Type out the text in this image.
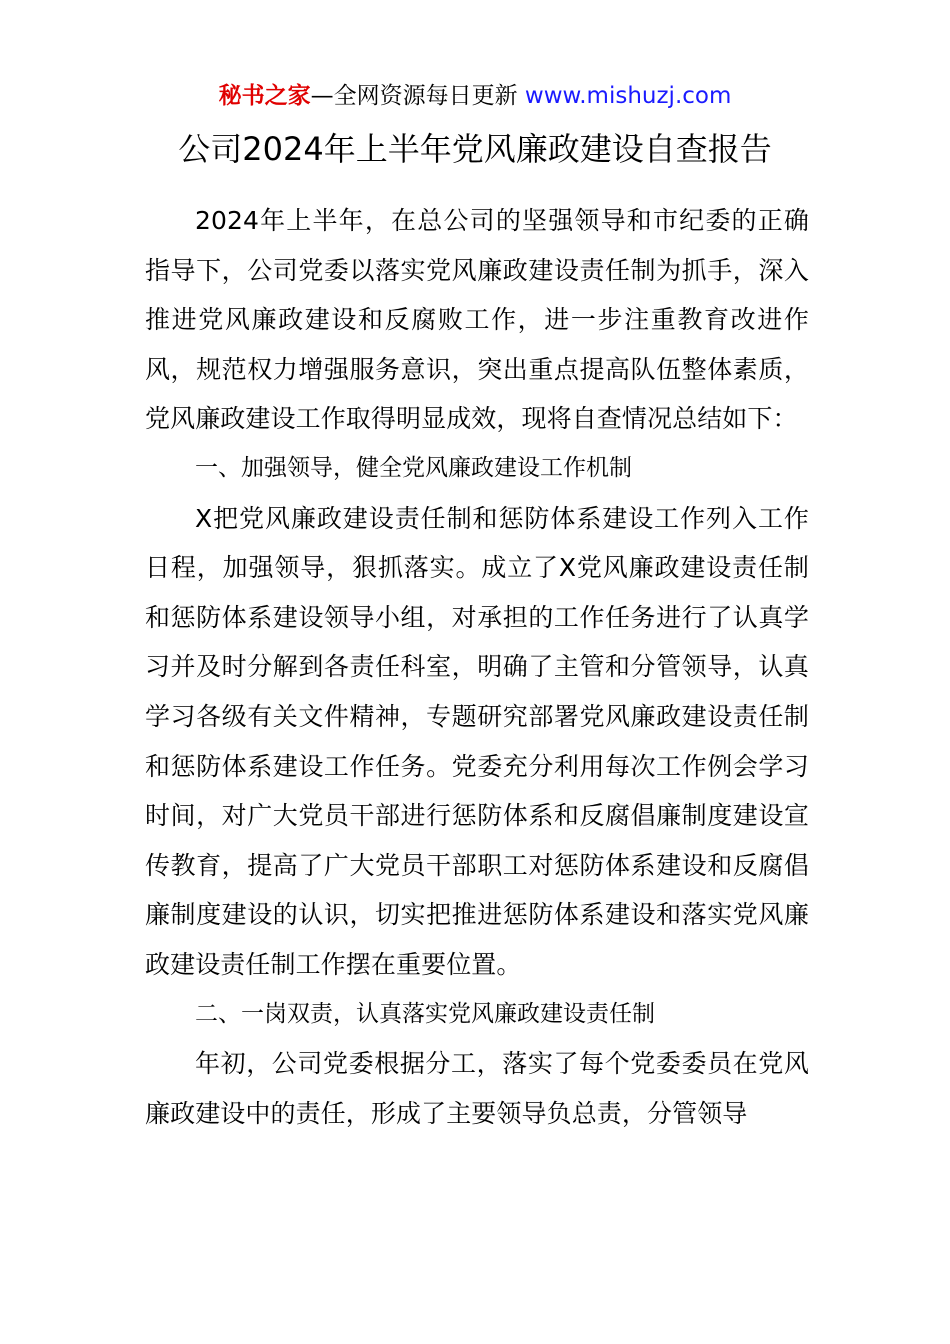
秘书之家—全网资源每日更新 www.mishuzj.com
公司2024年上半年党风廉政建设自查报告

2024年上半年，在总公司的坚强领导和市纪委的正确指导下，公司党委以落实党风廉政建设责任制为抓手，深入推进党风廉政建设和反腐败工作，进一步注重教育改进作风，规范权力增强服务意识，突出重点提高队伍整体素质，党风廉政建设工作取得明显成效，现将自查情况总结如下：

一、加强领导，健全党风廉政建设工作机制

X把党风廉政建设责任制和惩防体系建设工作列入工作日程，加强领导，狠抓落实。成立了X党风廉政建设责任制和惩防体系建设领导小组，对承担的工作任务进行了认真学习并及时分解到各责任科室，明确了主管和分管领导，认真学习各级有关文件精神，专题研究部署党风廉政建设责任制和惩防体系建设工作任务。党委充分利用每次工作例会学习时间，对广大党员干部进行惩防体系和反腐倡廉制度建设宣传教育，提高了广大党员干部职工对惩防体系建设和反腐倡廉制度建设的认识，切实把推进惩防体系建设和落实党风廉政建设责任制工作摆在重要位置。

二、一岗双责，认真落实党风廉政建设责任制

年初，公司党委根据分工，落实了每个党委委员在党风廉政建设中的责任，形成了主要领导负总责，分管领导
